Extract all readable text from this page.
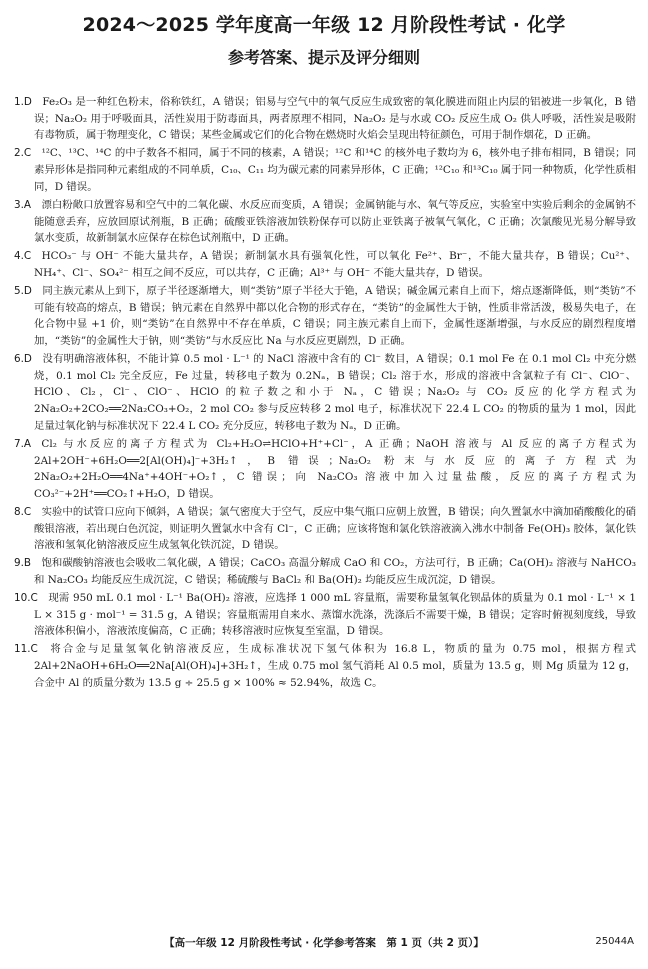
2024～2025 学年度高一年级 12 月阶段性考试 · 化学
参考答案、提示及评分细则
1.D  Fe₂O₃ 是一种红色粉末，俗称铁红，A 错误；铝易与空气中的氧气反应生成致密的氧化膜进而阻止内层的铝被进一步氧化，B 错误；Na₂O₂ 用于呼吸面具，活性炭用于防毒面具，两者原理不相同，Na₂O₂ 是与水或 CO₂ 反应生成 O₂ 供人呼吸，活性炭是吸附有毒物质，属于物理变化，C 错误；某些金属或它们的化合物在燃烧时火焰会呈现出特征颜色，可用于制作烟花，D 正确。
2.C  ¹²C、¹³C、¹⁴C 的中子数各不相同，属于不同的核素，A 错误；¹²C 和¹⁴C 的核外电子数均为 6，核外电子排布相同，B 错误；同素异形体是指同种元素组成的不同单质，C₁₀、C₁₁ 均为碳元素的同素异形体，C 正确；¹²C₁₀ 和¹³C₁₀ 属于同一种物质，化学性质相同，D 错误。
3.A  漂白粉敞口放置容易和空气中的二氧化碳、水反应而变质，A 错误；金属钠能与水、氧气等反应，实验室中实验后剩余的金属钠不能随意丢弃，应放回原试剂瓶，B 正确；硫酸亚铁溶液加铁粉保存可以防止亚铁离子被氧气氧化，C 正确；次氯酸见光易分解导致氯水变质，故新制氯水应保存在棕色试剂瓶中，D 正确。
4.C  HCO₃⁻ 与 OH⁻ 不能大量共存，A 错误；新制氯水具有强氧化性，可以氧化 Fe²⁺、Br⁻，不能大量共存，B 错误；Cu²⁺、NH₄⁺、Cl⁻、SO₄²⁻ 相互之间不反应，可以共存，C 正确；Al³⁺ 与 OH⁻ 不能大量共存，D 错误。
5.D  同主族元素从上到下，原子半径逐渐增大，则“类钫”原子半径大于铯，A 错误；碱金属元素自上而下，熔点逐渐降低，则“类钫”不可能有较高的熔点，B 错误；钠元素在自然界中都以化合物的形式存在，“类钫”的金属性大于钠，性质非常活泼，极易失电子，在化合物中显 +1 价，则“类钫”在自然界中不存在单质，C 错误；同主族元素自上而下，金属性逐渐增强，与水反应的剧烈程度增加，“类钫”的金属性大于钠，则“类钫”与水反应比 Na 与水反应更剧烈，D 正确。
6.D  没有明确溶液体积，不能计算 0.5 mol · L⁻¹ 的 NaCl 溶液中含有的 Cl⁻ 数目，A 错误；0.1 mol Fe 在 0.1 mol Cl₂ 中充分燃烧，0.1 mol Cl₂ 完全反应，Fe 过量，转移电子数为 0.2Nₐ，B 错误；Cl₂ 溶于水，形成的溶液中含氯粒子有 Cl⁻、ClO⁻、HClO、Cl₂，Cl⁻、ClO⁻、HClO 的粒子数之和小于 Nₐ，C 错误；Na₂O₂ 与 CO₂ 反应的化学方程式为 2Na₂O₂+2CO₂══2Na₂CO₃+O₂，2 mol CO₂ 参与反应转移 2 mol 电子，标准状况下 22.4 L CO₂ 的物质的量为 1 mol，因此足量过氧化钠与标准状况下 22.4 L CO₂ 充分反应，转移电子数为 Nₐ，D 正确。
7.A  Cl₂ 与水反应的离子方程式为 Cl₂+H₂O⇌HClO+H⁺+Cl⁻，A 正确；NaOH 溶液与 Al 反应的离子方程式为 2Al+2OH⁻+6H₂O══2[Al(OH)₄]⁻+3H₂↑，B 错误；Na₂O₂ 粉末与水反应的离子方程式为 2Na₂O₂+2H₂O══4Na⁺+4OH⁻+O₂↑，C 错误；向 Na₂CO₃ 溶液中加入过量盐酸，反应的离子方程式为 CO₃²⁻+2H⁺══CO₂↑+H₂O，D 错误。
8.C  实验中的试管口应向下倾斜，A 错误；氯气密度大于空气，反应中集气瓶口应朝上放置，B 错误；向久置氯水中滴加硝酸酸化的硝酸银溶液，若出现白色沉淀，则证明久置氯水中含有 Cl⁻，C 正确；应该将饱和氯化铁溶液滴入沸水中制备 Fe(OH)₃ 胶体，氯化铁溶液和氢氧化钠溶液反应生成氢氧化铁沉淀，D 错误。
9.B  饱和碳酸钠溶液也会吸收二氧化碳，A 错误；CaCO₃ 高温分解成 CaO 和 CO₂，方法可行，B 正确；Ca(OH)₂ 溶液与 NaHCO₃ 和 Na₂CO₃ 均能反应生成沉淀，C 错误；稀硫酸与 BaCl₂ 和 Ba(OH)₂ 均能反应生成沉淀，D 错误。
10.C  现需 950 mL 0.1 mol · L⁻¹ Ba(OH)₂ 溶液，应选择 1 000 mL 容量瓶，需要称量氢氧化钡晶体的质量为 0.1 mol · L⁻¹ × 1 L × 315 g · mol⁻¹ = 31.5 g，A 错误；容量瓶需用自来水、蒸馏水洗涤，洗涤后不需要干燥，B 错误；定容时俯视刻度线，导致溶液体积偏小，溶液浓度偏高，C 正确；转移溶液时应恢复至室温，D 错误。
11.C  将合金与足量氢氧化钠溶液反应，生成标准状况下氢气体积为 16.8 L，物质的量为 0.75 mol，根据方程式 2Al+2NaOH+6H₂O══2Na[Al(OH)₄]+3H₂↑，生成 0.75 mol 氢气消耗 Al 0.5 mol，质量为 13.5 g，则 Mg 质量为 12 g，合金中 Al 的质量分数为 13.5 g ÷ 25.5 g × 100% ≈ 52.94%，故选 C。
【高一年级 12 月阶段性考试 · 化学参考答案　第 1 页（共 2 页）】	25044A
